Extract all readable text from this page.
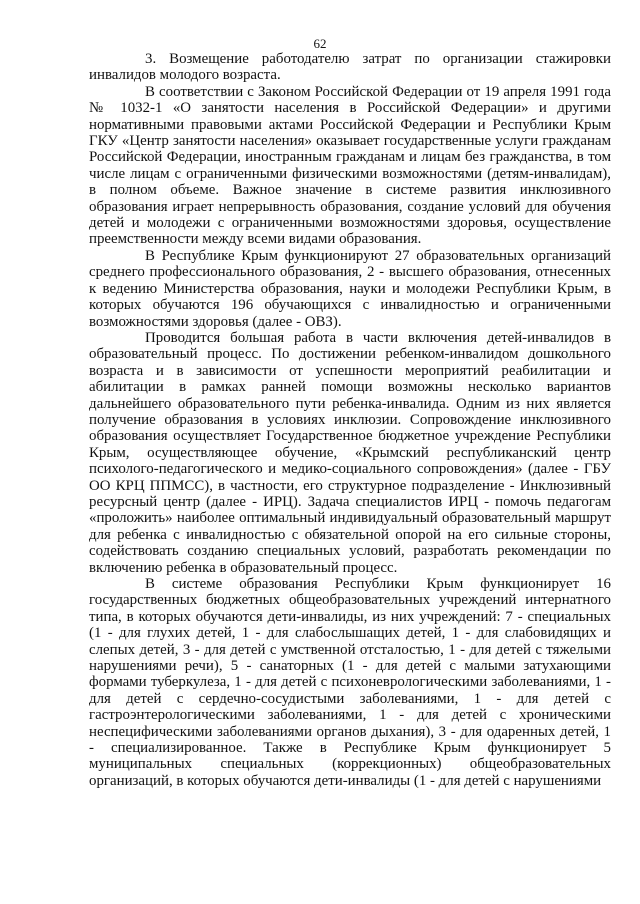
62

3. Возмещение работодателю затрат по организации стажировки инвалидов молодого возраста.

В соответствии с Законом Российской Федерации от 19 апреля 1991 года № 1032-1 «О занятости населения в Российской Федерации» и другими нормативными правовыми актами Российской Федерации и Республики Крым ГКУ «Центр занятости населения» оказывает государственные услуги гражданам Российской Федерации, иностранным гражданам и лицам без гражданства, в том числе лицам с ограниченными физическими возможностями (детям-инвалидам), в полном объеме. Важное значение в системе развития инклюзивного образования играет непрерывность образования, создание условий для обучения детей и молодежи с ограниченными возможностями здоровья, осуществление преемственности между всеми видами образования.

В Республике Крым функционируют 27 образовательных организаций среднего профессионального образования, 2 - высшего образования, отнесенных к ведению Министерства образования, науки и молодежи Республики Крым, в которых обучаются 196 обучающихся с инвалидностью и ограниченными возможностями здоровья (далее - ОВЗ).

Проводится большая работа в части включения детей-инвалидов в образовательный процесс. По достижении ребенком-инвалидом дошкольного возраста и в зависимости от успешности мероприятий реабилитации и абилитации в рамках ранней помощи возможны несколько вариантов дальнейшего образовательного пути ребенка-инвалида. Одним из них является получение образования в условиях инклюзии. Сопровождение инклюзивного образования осуществляет Государственное бюджетное учреждение Республики Крым, осуществляющее обучение, «Крымский республиканский центр психолого-педагогического и медико-социального сопровождения» (далее - ГБУ ОО КРЦ ППМСС), в частности, его структурное подразделение - Инклюзивный ресурсный центр (далее - ИРЦ). Задача специалистов ИРЦ - помочь педагогам «проложить» наиболее оптимальный индивидуальный образовательный маршрут для ребенка с инвалидностью с обязательной опорой на его сильные стороны, содействовать созданию специальных условий, разработать рекомендации по включению ребенка в образовательный процесс.

В системе образования Республики Крым функционирует 16 государственных бюджетных общеобразовательных учреждений интернатного типа, в которых обучаются дети-инвалиды, из них учреждений: 7 - специальных (1 - для глухих детей, 1 - для слабослышащих детей, 1 - для слабовидящих и слепых детей, 3 - для детей с умственной отсталостью, 1 - для детей с тяжелыми нарушениями речи), 5 - санаторных (1 - для детей с малыми затухающими формами туберкулеза, 1 - для детей с психоневрологическими заболеваниями, 1 - для детей с сердечно-сосудистыми заболеваниями, 1 - для детей с гастроэнтерологическими заболеваниями, 1 - для детей с хроническими неспецифическими заболеваниями органов дыхания), 3 - для одаренных детей, 1 - специализированное. Также в Республике Крым функционирует 5 муниципальных специальных (коррекционных) общеобразовательных организаций, в которых обучаются дети-инвалиды (1 - для детей с нарушениями
